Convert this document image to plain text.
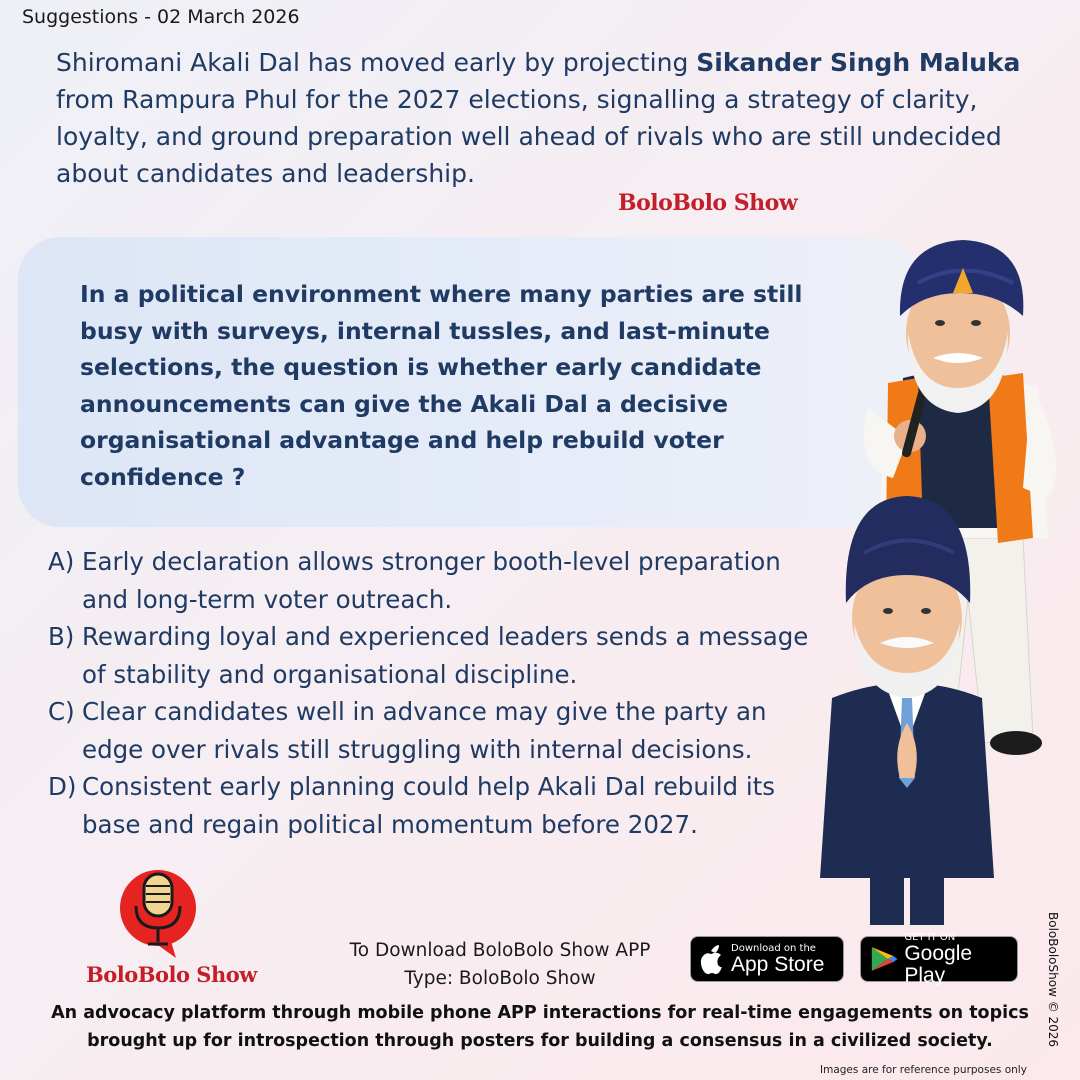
Suggestions - 02 March 2026
Shiromani Akali Dal has moved early by projecting Sikander Singh Maluka from Rampura Phul for the 2027 elections, signalling a strategy of clarity, loyalty, and ground preparation well ahead of rivals who are still undecided about candidates and leadership.
BoloBolo Show
In a political environment where many parties are still busy with surveys, internal tussles, and last-minute selections, the question is whether early candidate announcements can give the Akali Dal a decisive organisational advantage and help rebuild voter confidence ?
A) Early declaration allows stronger booth-level preparation and long-term voter outreach.
B) Rewarding loyal and experienced leaders sends a message of stability and organisational discipline.
C) Clear candidates well in advance may give the party an edge over rivals still struggling with internal decisions.
D) Consistent early planning could help Akali Dal rebuild its base and regain political momentum before 2027.
BoloBolo Show
To Download BoloBolo Show APP
Type: BoloBolo Show
Download on the
App Store
GET IT ON
Google Play
An advocacy platform through mobile phone APP interactions for real-time engagements on topics brought up for introspection through posters for building a consensus in a civilized society.	BoloBoloShow © 2026
Images are for reference purposes only
